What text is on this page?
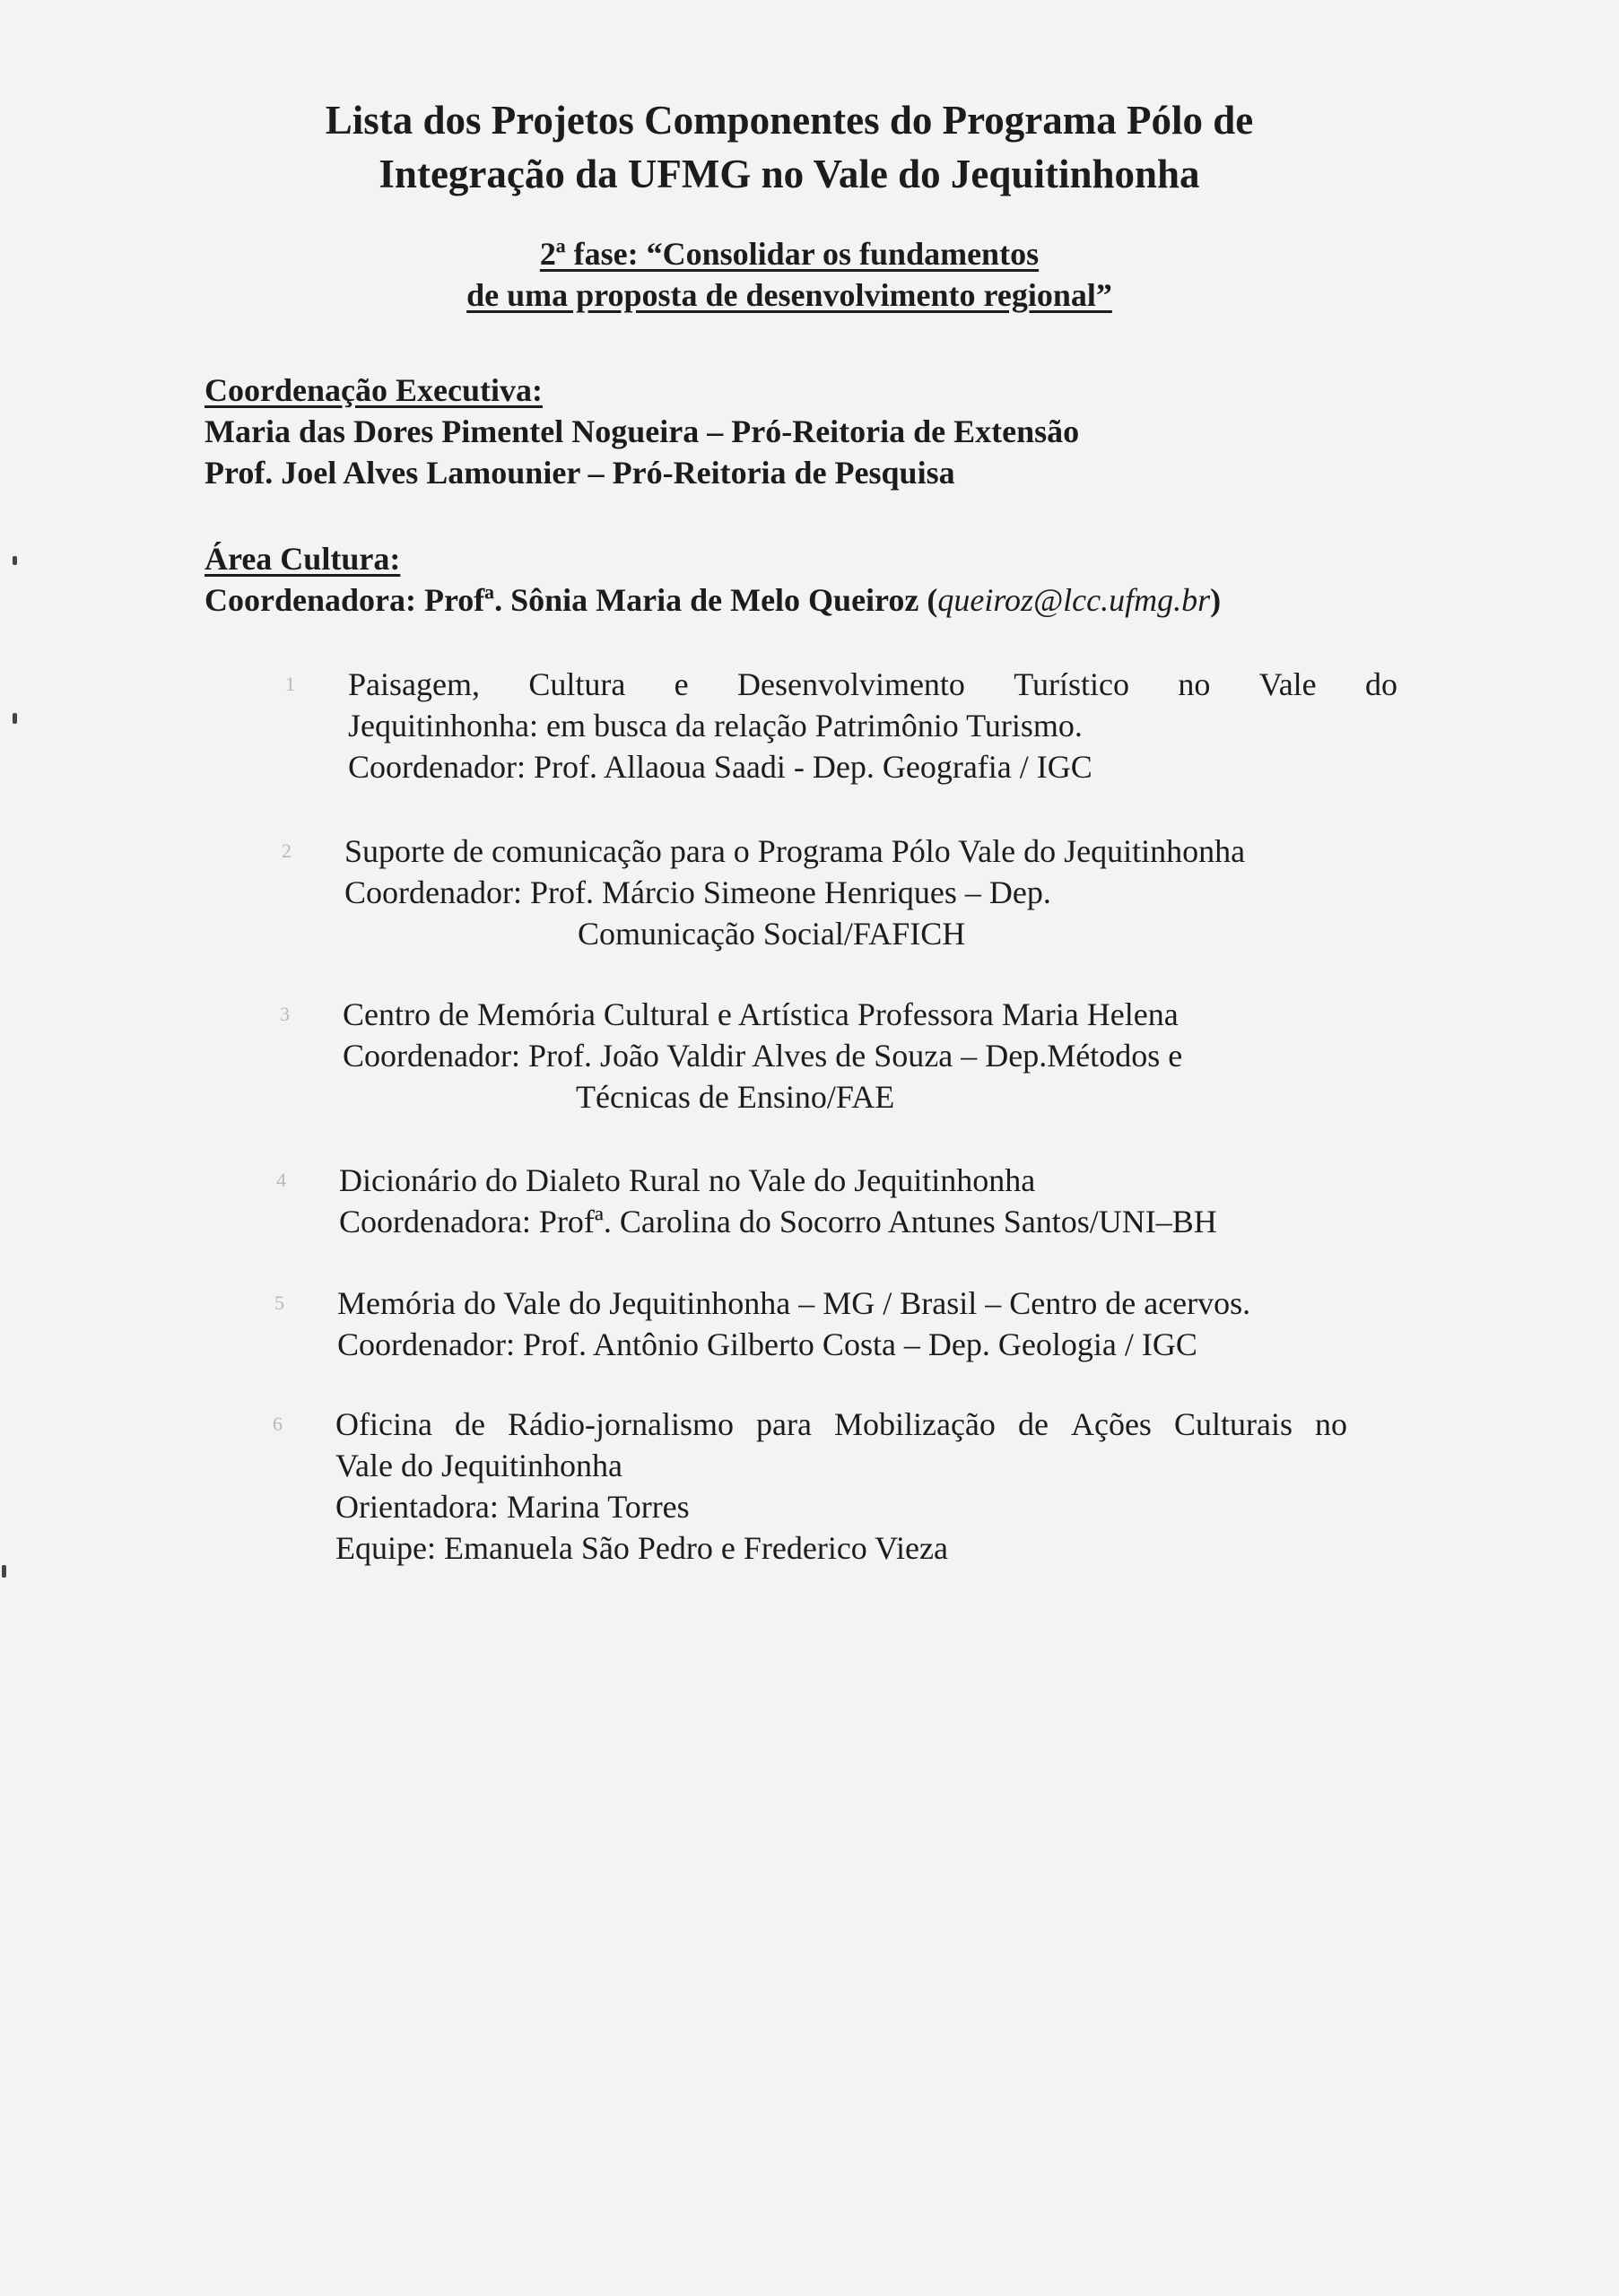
Lista dos Projetos Componentes do Programa Pólo de
Integração da UFMG no Vale do Jequitinhonha
2ª fase: “Consolidar os fundamentos
de uma proposta de desenvolvimento regional”
Coordenação Executiva:
Maria das Dores Pimentel Nogueira – Pró-Reitoria de Extensão
Prof. Joel Alves Lamounier – Pró-Reitoria de Pesquisa
Área Cultura:
Coordenadora: Profª. Sônia Maria de Melo Queiroz (queiroz@lcc.ufmg.br)
1 Paisagem, Cultura e Desenvolvimento Turístico no Vale do
Jequitinhonha: em busca da relação Patrimônio Turismo.
Coordenador: Prof. Allaoua Saadi - Dep. Geografia / IGC
2 Suporte de comunicação para o Programa Pólo Vale do Jequitinhonha
Coordenador: Prof. Márcio Simeone Henriques – Dep.
Comunicação Social/FAFICH
3 Centro de Memória Cultural e Artística Professora Maria Helena
Coordenador: Prof. João Valdir Alves de Souza – Dep.Métodos e
Técnicas de Ensino/FAE
4 Dicionário do Dialeto Rural no Vale do Jequitinhonha
Coordenadora: Profª. Carolina do Socorro Antunes Santos/UNI–BH
5 Memória do Vale do Jequitinhonha – MG / Brasil – Centro de acervos.
Coordenador: Prof. Antônio Gilberto Costa – Dep. Geologia / IGC
6 Oficina de Rádio-jornalismo para Mobilização de Ações Culturais no
Vale do Jequitinhonha
Orientadora: Marina Torres
Equipe: Emanuela São Pedro e Frederico Vieza
